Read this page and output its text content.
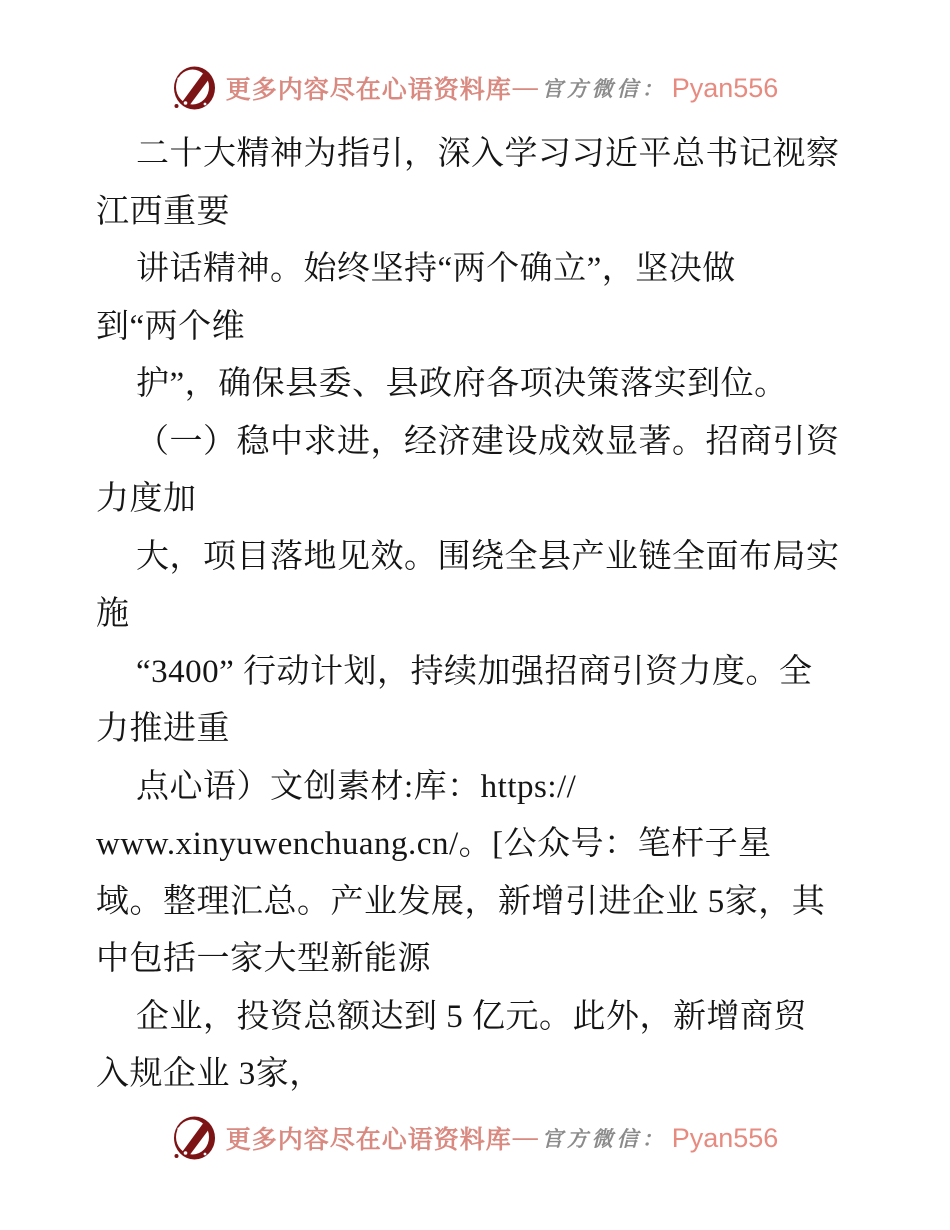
更多内容尽在心语资料库 — 官方微信： Pyan556
二十大精神为指引，深入学习习近平总书记视察
江西重要
讲话精神。始终坚持“两个确立”，坚决做
到“两个维
护”，确保县委、县政府各项决策落实到位。
（一）稳中求进，经济建设成效显著。招商引资
力度加
大，项目落地见效。围绕全县产业链全面布局实
施
“3400” 行动计划，持续加强招商引资力度。全
力推进重
点心语）文创素材:库：https://
www.xinyuwenchuang.cn/。[公众号：笔杆子星
域。整理汇总。产业发展，新增引进企业 5家，其
中包括一家大型新能源
企业，投资总额达到 5 亿元。此外，新增商贸
入规企业 3家，
更多内容尽在心语资料库 — 官方微信： Pyan556
